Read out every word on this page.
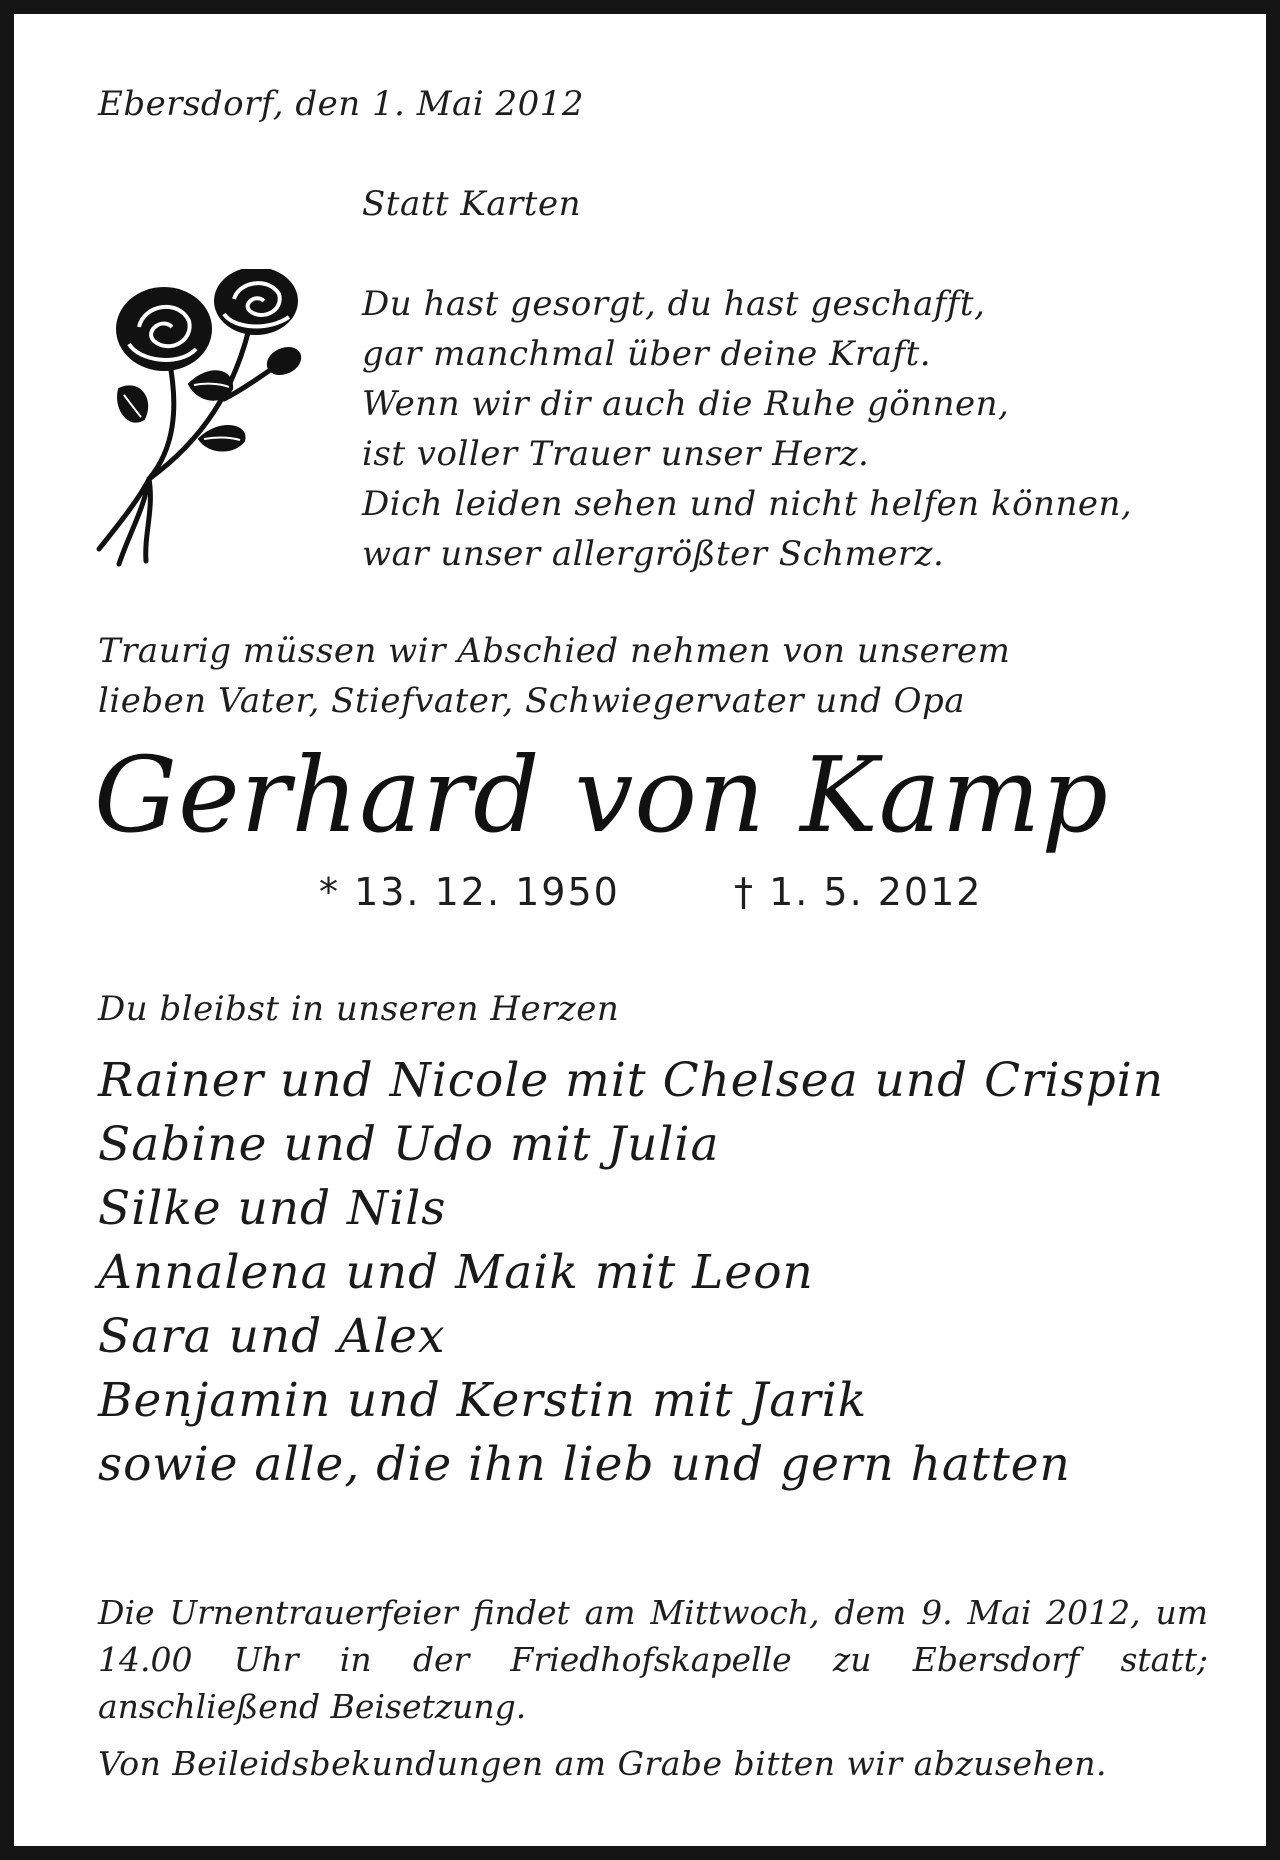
Ebersdorf, den 1. Mai 2012
Statt Karten
Du hast gesorgt, du hast geschafft,
gar manchmal über deine Kraft.
Wenn wir dir auch die Ruhe gönnen,
ist voller Trauer unser Herz.
Dich leiden sehen und nicht helfen können,
war unser allergrößter Schmerz.
Traurig müssen wir Abschied nehmen von unserem
lieben Vater, Stiefvater, Schwiegervater und Opa
Gerhard von Kamp
* 13. 12. 1950	† 1. 5. 2012
Du bleibst in unseren Herzen
Rainer und Nicole mit Chelsea und Crispin
Sabine und Udo mit Julia
Silke und Nils
Annalena und Maik mit Leon
Sara und Alex
Benjamin und Kerstin mit Jarik
sowie alle, die ihn lieb und gern hatten
Die Urnentrauerfeier findet am Mittwoch, dem 9. Mai 2012, um 14.00 Uhr in der Friedhofskapelle zu Ebersdorf statt; anschließend Beisetzung.
Von Beileidsbekundungen am Grabe bitten wir abzusehen.
